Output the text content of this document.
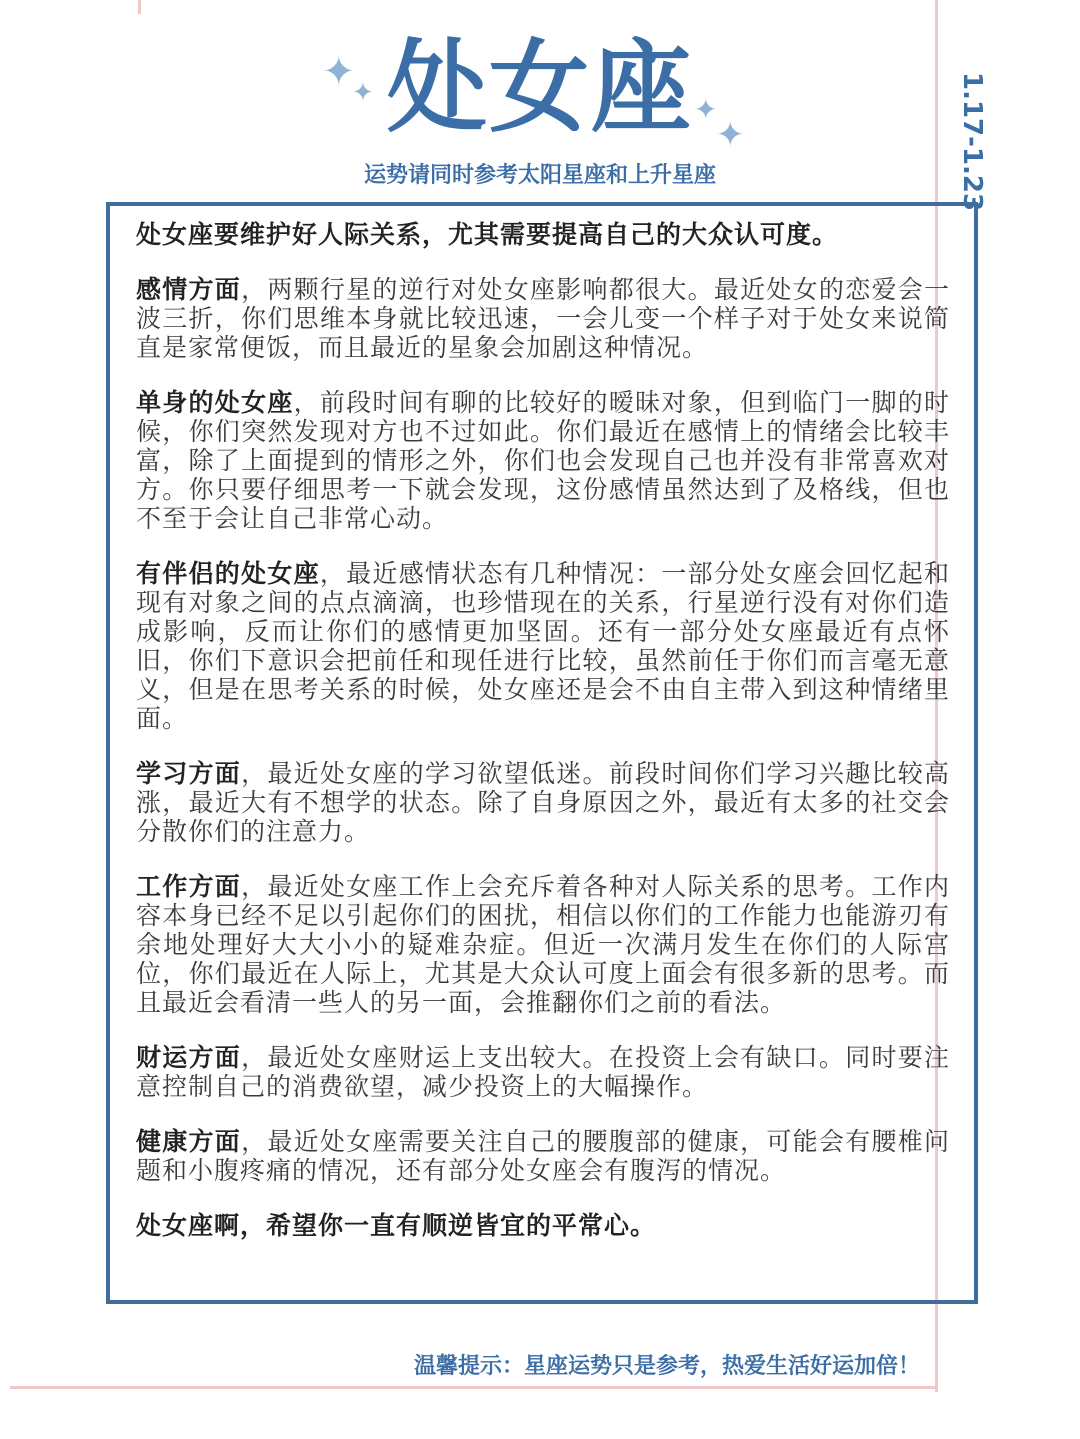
✦
✦	✦
✦
处女座
运势请同时参考太阳星座和上升星座	1.17-1.23

处女座要维护好人际关系，尤其需要提高自己的大众认可度。

感情方面，两颗行星的逆行对处女座影响都很大。最近处女的恋爱会一波三折，你们思维本身就比较迅速，一会儿变一个样子对于处女来说简直是家常便饭，而且最近的星象会加剧这种情况。

单身的处女座，前段时间有聊的比较好的暧昧对象，但到临门一脚的时候，你们突然发现对方也不过如此。你们最近在感情上的情绪会比较丰富，除了上面提到的情形之外，你们也会发现自己也并没有非常喜欢对方。你只要仔细思考一下就会发现，这份感情虽然达到了及格线，但也不至于会让自己非常心动。

有伴侣的处女座，最近感情状态有几种情况：一部分处女座会回忆起和现有对象之间的点点滴滴，也珍惜现在的关系，行星逆行没有对你们造成影响，反而让你们的感情更加坚固。还有一部分处女座最近有点怀旧，你们下意识会把前任和现任进行比较，虽然前任于你们而言毫无意义，但是在思考关系的时候，处女座还是会不由自主带入到这种情绪里面。

学习方面，最近处女座的学习欲望低迷。前段时间你们学习兴趣比较高涨，最近大有不想学的状态。除了自身原因之外，最近有太多的社交会分散你们的注意力。

工作方面，最近处女座工作上会充斥着各种对人际关系的思考。工作内容本身已经不足以引起你们的困扰，相信以你们的工作能力也能游刃有余地处理好大大小小的疑难杂症。但近一次满月发生在你们的人际宫位，你们最近在人际上，尤其是大众认可度上面会有很多新的思考。而且最近会看清一些人的另一面，会推翻你们之前的看法。

财运方面，最近处女座财运上支出较大。在投资上会有缺口。同时要注意控制自己的消费欲望，减少投资上的大幅操作。

健康方面，最近处女座需要关注自己的腰腹部的健康，可能会有腰椎问题和小腹疼痛的情况，还有部分处女座会有腹泻的情况。

处女座啊，希望你一直有顺逆皆宜的平常心。

温馨提示：星座运势只是参考，热爱生活好运加倍！
